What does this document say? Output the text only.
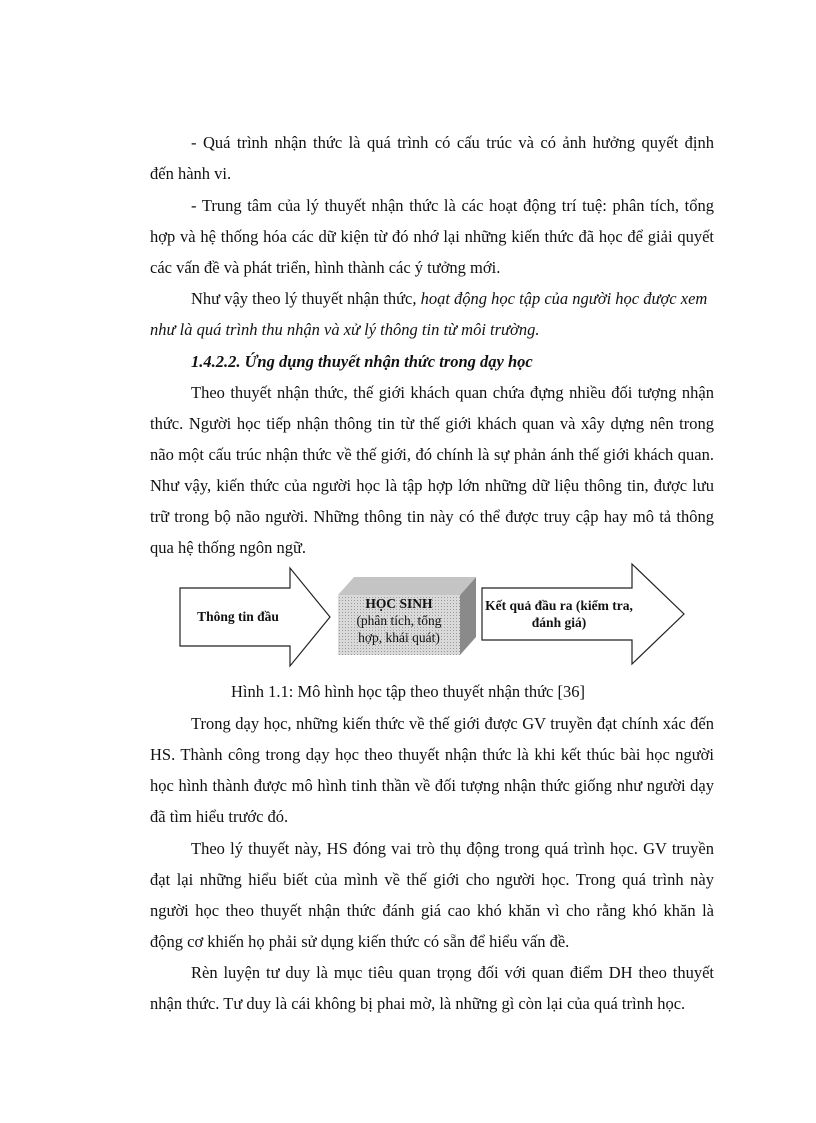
- Quá trình nhận thức là quá trình có cấu trúc và có ảnh hưởng quyết định
đến hành vi.
- Trung tâm của lý thuyết nhận thức là các hoạt động trí tuệ: phân tích, tổng
hợp và hệ thống hóa các dữ kiện từ đó nhớ lại những kiến thức đã học để giải quyết
các vấn đề và phát triển, hình thành các ý tưởng mới.
Như vậy theo lý thuyết nhận thức, hoạt động học tập của người học được xem
như là quá trình thu nhận và xử lý thông tin từ môi trường.
1.4.2.2. Ứng dụng thuyết nhận thức trong dạy học
Theo thuyết nhận thức, thế giới khách quan chứa đựng nhiều đối tượng nhận
thức. Người học tiếp nhận thông tin từ thế giới khách quan và xây dựng nên trong
não một cấu trúc nhận thức về thế giới, đó chính là sự phản ánh thế giới khách quan.
Như vậy, kiến thức của người học là tập hợp lớn những dữ liệu thông tin, được lưu
trữ trong bộ não người. Những thông tin này có thể được truy cập hay mô tả thông
qua hệ thống ngôn ngữ.
Thông tin đầu
HỌC SINH
(phân tích, tổng
hợp, khái quát)
Kết quả đầu ra (kiểm tra,
đánh giá)
Hình 1.1: Mô hình học tập theo thuyết nhận thức [36]
Trong dạy học, những kiến thức về thế giới được GV truyền đạt chính xác đến
HS. Thành công trong dạy học theo thuyết nhận thức là khi kết thúc bài học người
học hình thành được mô hình tinh thần về đối tượng nhận thức giống như người dạy
đã tìm hiểu trước đó.
Theo lý thuyết này, HS đóng vai trò thụ động trong quá trình học. GV truyền
đạt lại những hiểu biết của mình về thế giới cho người học. Trong quá trình này
người học theo thuyết nhận thức đánh giá cao khó khăn vì cho rằng khó khăn là
động cơ khiến họ phải sử dụng kiến thức có sẵn để hiểu vấn đề.
Rèn luyện tư duy là mục tiêu quan trọng đối với quan điểm DH theo thuyết
nhận thức. Tư duy là cái không bị phai mờ, là những gì còn lại của quá trình học.
